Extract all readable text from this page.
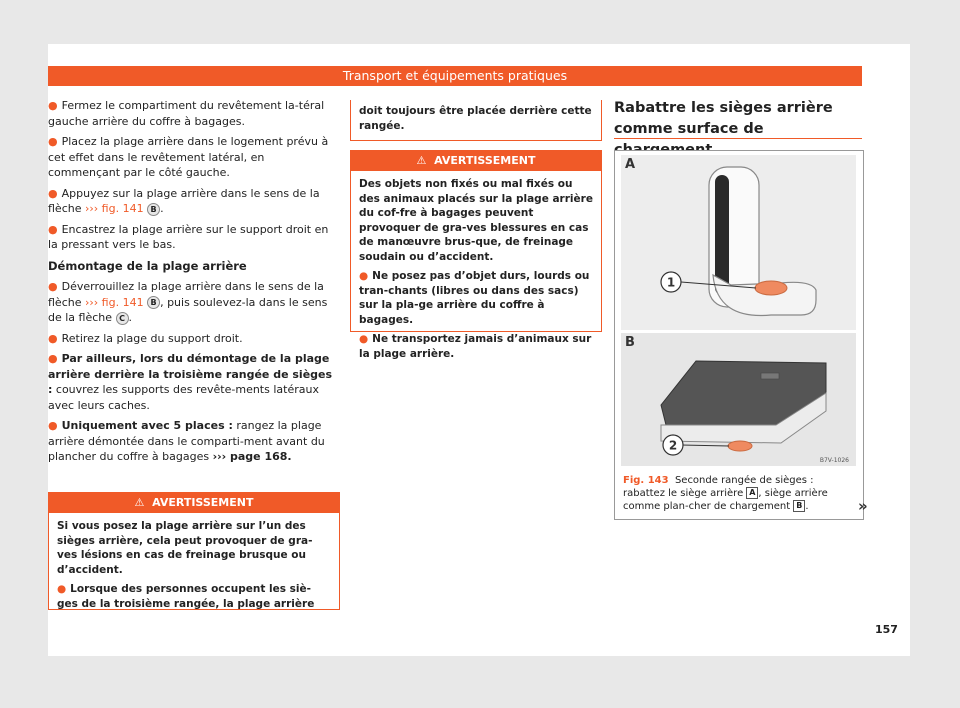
Transport et équipements pratiques

● Fermez le compartiment du revêtement la-téral gauche arrière du coffre à bagages.

● Placez la plage arrière dans le logement prévu à cet effet dans le revêtement latéral, en commençant par le côté gauche.

● Appuyez sur la plage arrière dans le sens de la flèche ››› fig. 141 B .

● Encastrez la plage arrière sur le support droit en la pressant vers le bas.

Démontage de la plage arrière

● Déverrouillez la plage arrière dans le sens de la flèche ››› fig. 141 B , puis soulevez-la dans le sens de la flèche C .

● Retirez la plage du support droit.

● Par ailleurs, lors du démontage de la plage arrière derrière la troisième rangée de sièges : couvrez les supports des revête-ments latéraux avec leurs caches.

● Uniquement avec 5 places : rangez la plage arrière démontée dans le comparti-ment avant du plancher du coffre à bagages ››› page 168.

⚠ AVERTISSEMENT

Si vous posez la plage arrière sur l’un des sièges arrière, cela peut provoquer de gra-ves lésions en cas de freinage brusque ou d’accident.

● Lorsque des personnes occupent les siè-ges de la troisième rangée, la plage arrière

doit toujours être placée derrière cette rangée.
⚠ AVERTISSEMENT

Des objets non fixés ou mal fixés ou des animaux placés sur la plage arrière du cof-fre à bagages peuvent provoquer de gra-ves blessures en cas de manœuvre brus-que, de freinage soudain ou d’accident.

● Ne posez pas d’objet durs, lourds ou tran-chants (libres ou dans des sacs) sur la pla-ge arrière du coffre à bagages.

● Ne transportez jamais d’animaux sur la plage arrière.

Rabattre les sièges arrière comme surface de
A
1
B
2
B7V-1026
Fig. 143 Seconde rangée de sièges : rabattez le siège arrière A , siège arrière comme plan-cher de chargement B .	»
157
